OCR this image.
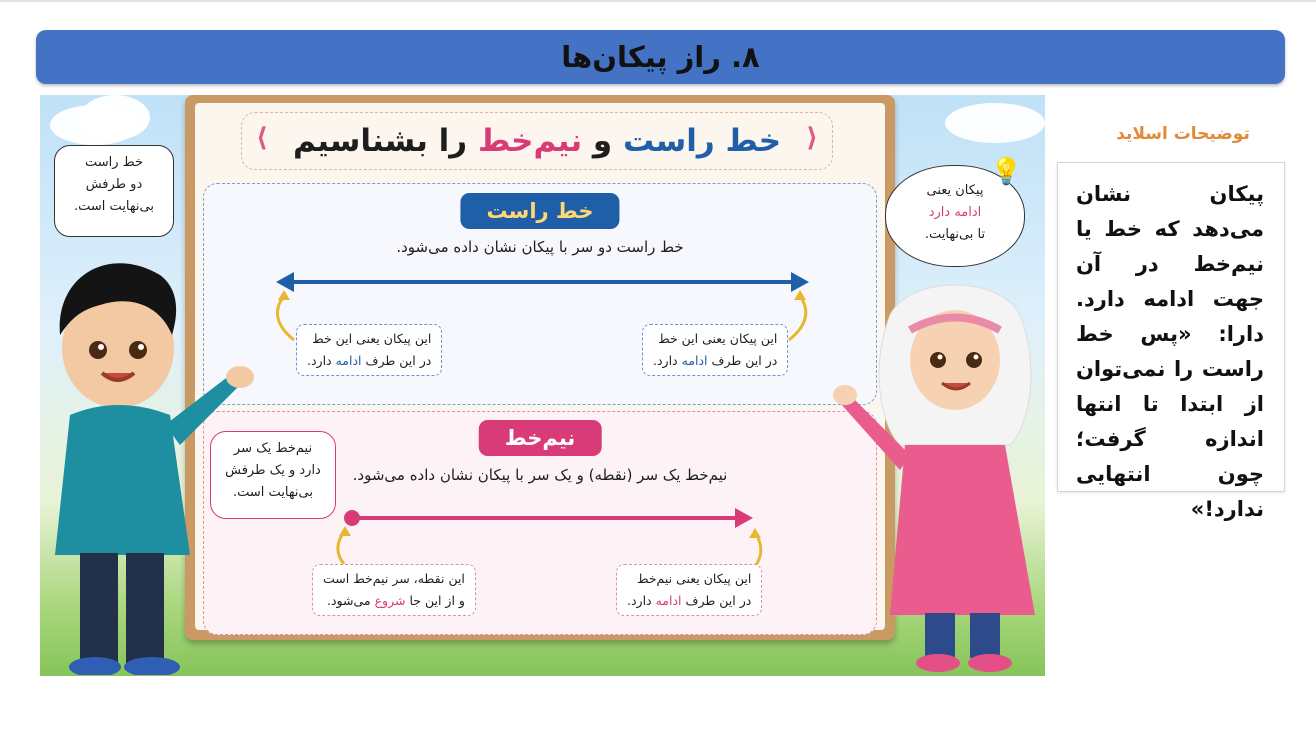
۸. راز پیکان‌ها
⟨	⟩
خط راست و نیم‌خط را بشناسیم
خط راست
خط راست دو سر با پیکان نشان داده می‌شود.
این پیکان یعنی این خط
در این طرف ادامه دارد.
این پیکان یعنی این خط
در این طرف ادامه دارد.
نیم‌خط
نیم‌خط یک سر (نقطه) و یک سر با پیکان نشان داده می‌شود.
این نقطه، سر نیم‌خط است
و از این جا شروع می‌شود.
این پیکان یعنی نیم‌خط
در این طرف ادامه دارد.
خط راست
دو طرفش
بی‌نهایت است.
نیم‌خط یک سر
دارد و یک طرفش
بی‌نهایت است.
پیکان یعنی
ادامه دارد
تا بی‌نهایت.
💡
توضیحات اسلاید
پیکان نشان می‌دهد که خط یا نیم‌خط در آن جهت ادامه دارد. دارا: «پس خط راست را نمی‌توان از ابتدا تا انتها اندازه گرفت؛ چون انتهایی ندارد!»
